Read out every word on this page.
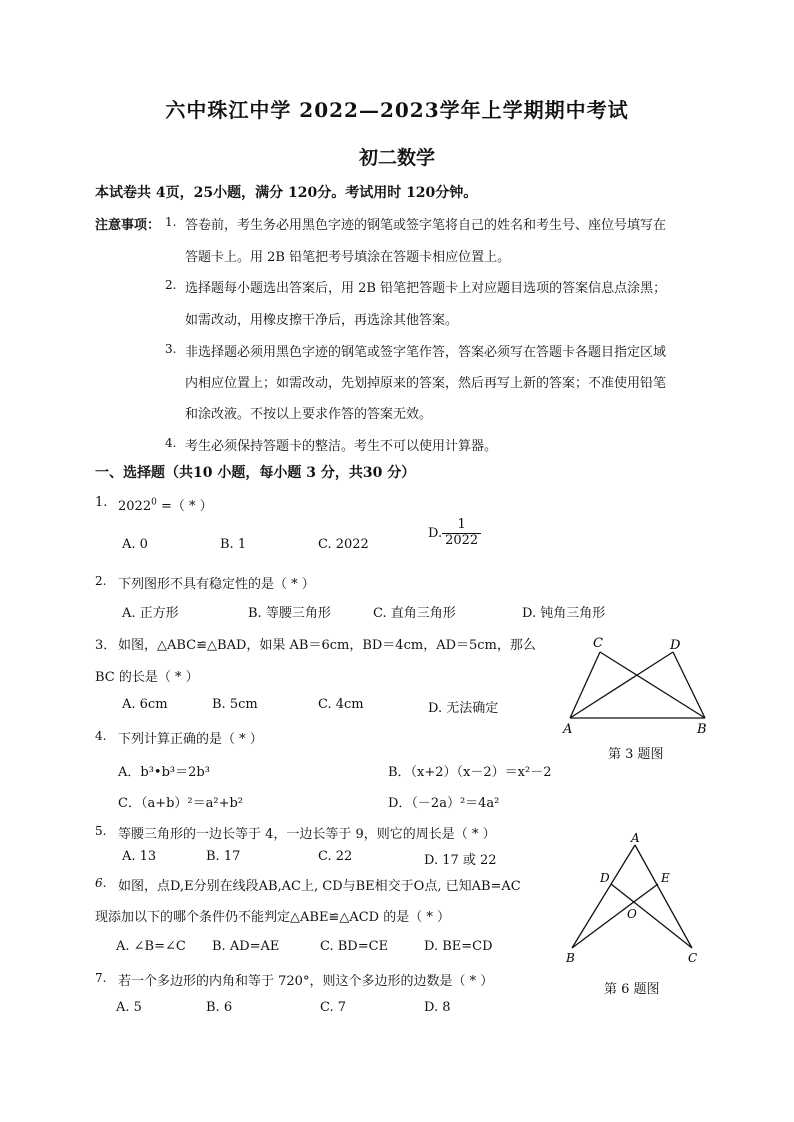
六中珠江中学 2022—2023学年上学期期中考试
初二数学
本试卷共 4页，25小题，满分 120分。考试用时 120分钟。
注意事项： 1. 答卷前，考生务必用黑色字迹的钢笔或签字笔将自己的姓名和考生号、座位号填写在
答题卡上。用 2B 铅笔把考号填涂在答题卡相应位置上。
2. 选择题每小题选出答案后，用 2B 铅笔把答题卡上对应题目选项的答案信息点涂黑；
如需改动，用橡皮擦干净后，再选涂其他答案。
3. 非选择题必须用黑色字迹的钢笔或签字笔作答，答案必须写在答题卡各题目指定区域
内相应位置上；如需改动，先划掉原来的答案，然后再写上新的答案；不准使用铅笔
和涂改液。不按以上要求作答的答案无效。
4. 考生必须保持答题卡的整洁。考生不可以使用计算器。
一、选择题（共10 小题，每小题 3 分，共30 分）
1. $2022^0$ =（ * ）
A. 0	B. 1	C. 2022
D. $\frac{1}{2022}$
2. 下列图形不具有稳定性的是（ * ）
A. 正方形	B. 等腰三角形	C. 直角三角形	D. 钝角三角形
3． 如图，△ABC≌△BAD，如果 AB＝6cm，BD＝4cm，AD＝5cm，那么
BC 的长是（ * ）
A. 6cm	B. 5cm	C. 4cm	D. 无法确定
C	D
A	B
第 3 题图
4. 下列计算正确的是（ * ）
A．b³•b³＝2b³	B．（x+2）（x－2）＝x²－2
C．（a+b）²＝a²+b²	D．（－2a）²＝4a²
5. 等腰三角形的一边长等于 4，一边长等于 9，则它的周长是（ * ）
A. 13	B. 17	C. 22	D. 17 或 22
6. 如图，点D,E分别在线段AB,AC上, CD与BE相交于O点, 已知AB=AC
现添加以下的哪个条件仍不能判定△ABE≌△ACD 的是（ * ）
A. ∠B=∠C B. AD=AE	C. BD=CE	D. BE=CD
A
D	E
O
B	C
第 6 题图
7. 若一个多边形的内角和等于 720°，则这个多边形的边数是（ * ）
A. 5	B. 6	C. 7	D. 8
